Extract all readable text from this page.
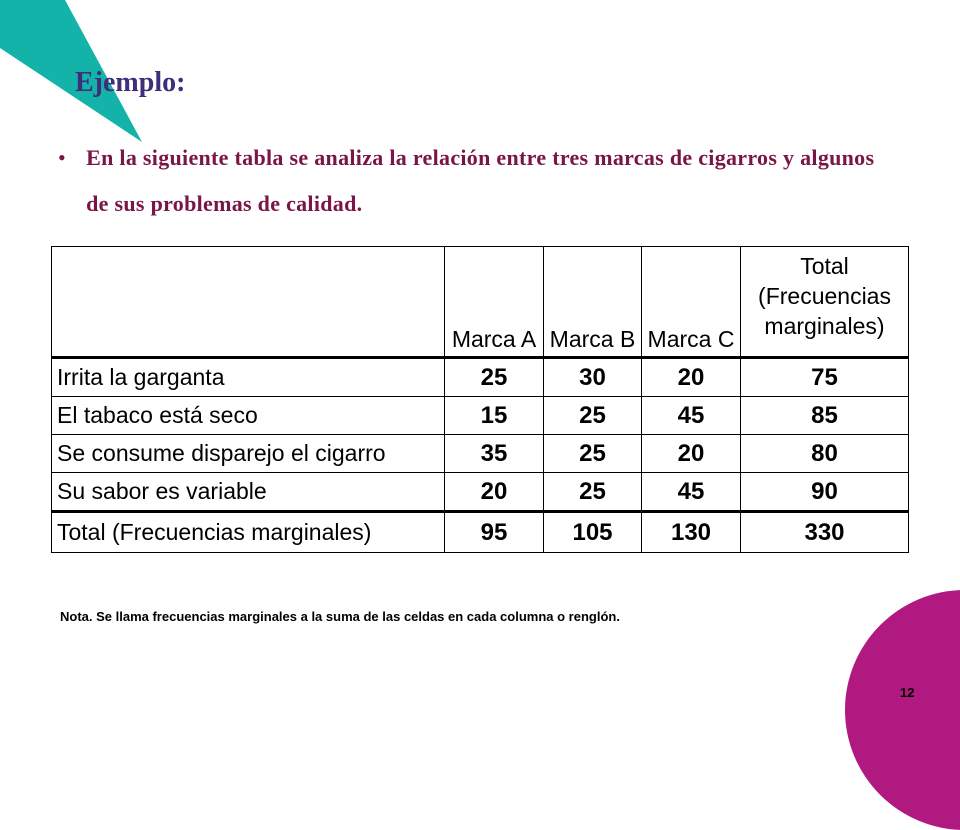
Ejemplo:
• En la siguiente tabla se analiza la relación entre tres marcas de cigarros y algunos de sus problemas de calidad.
	Marca A	Marca B	Marca C	Total (Frecuencias marginales)
Irrita la garganta	25	30	20	75
El tabaco está seco	15	25	45	85
Se consume disparejo el cigarro	35	25	20	80
Su sabor es variable	20	25	45	90
Total (Frecuencias marginales)	95	105	130	330

Nota. Se llama frecuencias marginales a la suma de las celdas en cada columna o renglón.

12
